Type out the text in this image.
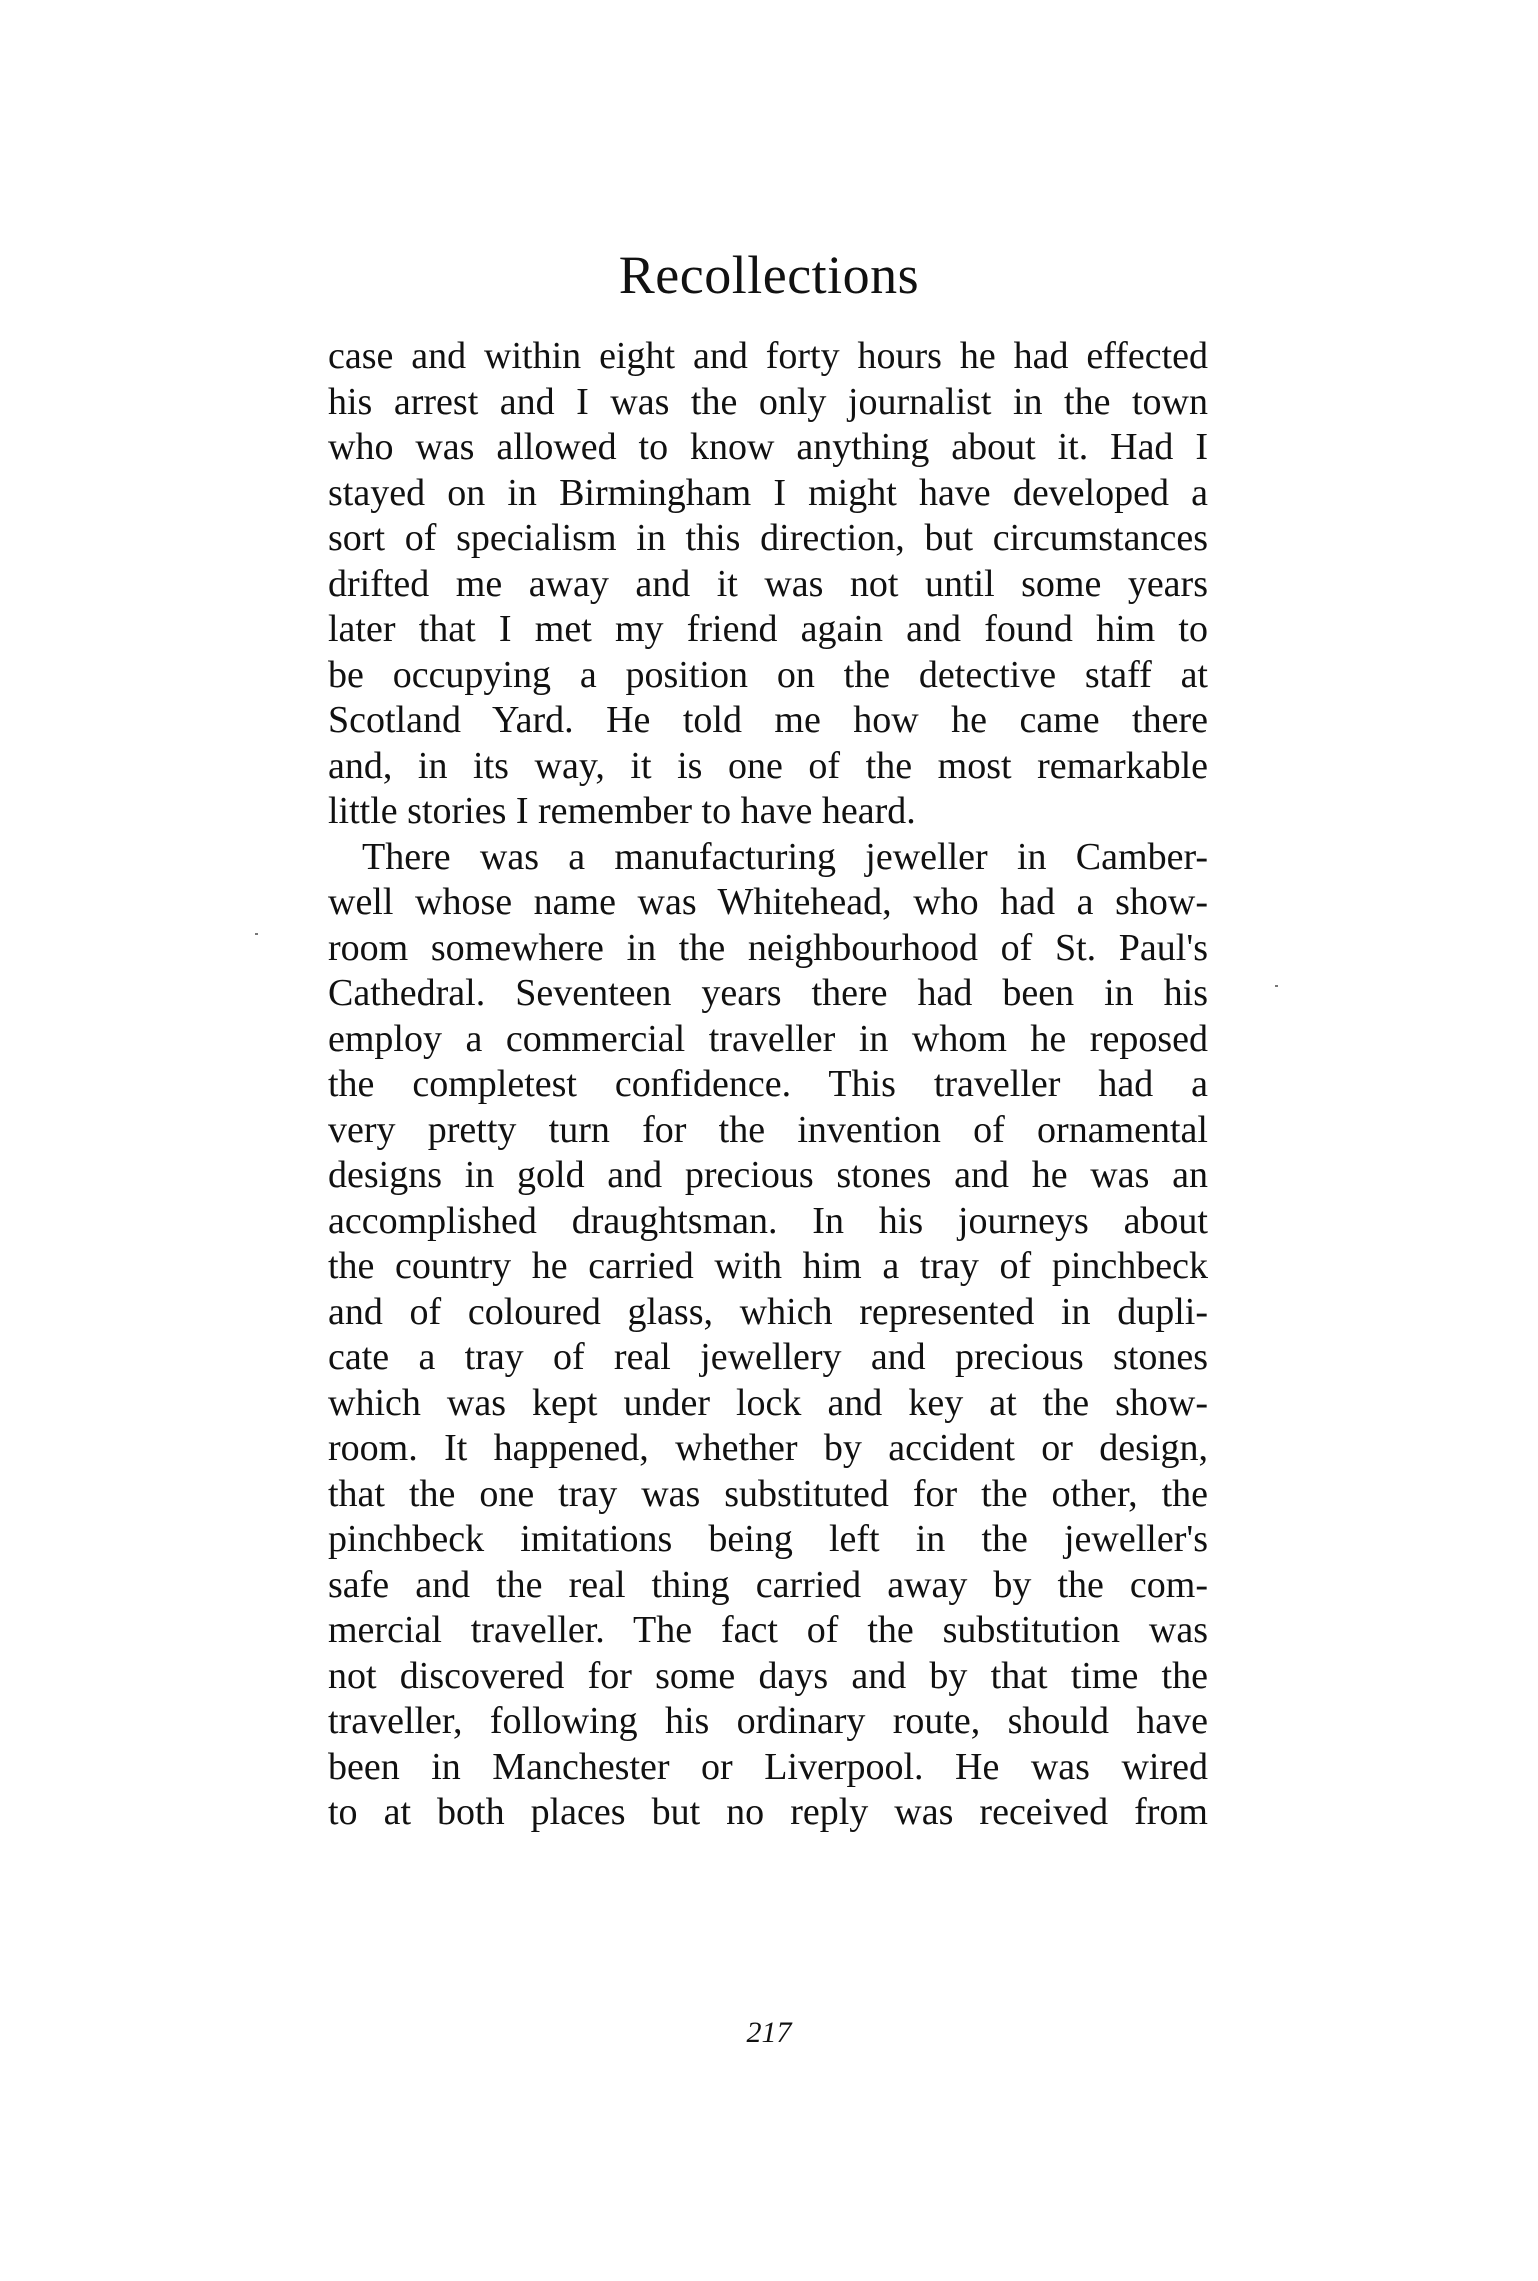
Recollections
case and within eight and forty hours he had effected
his arrest and I was the only journalist in the town
who was allowed to know anything about it. Had I
stayed on in Birmingham I might have developed a
sort of specialism in this direction, but circumstances
drifted me away and it was not until some years
later that I met my friend again and found him to
be occupying a position on the detective staff at
Scotland Yard. He told me how he came there
and, in its way, it is one of the most remarkable
little stories I remember to have heard.
There was a manufacturing jeweller in Camber-
well whose name was Whitehead, who had a show-
room somewhere in the neighbourhood of St. Paul's
Cathedral. Seventeen years there had been in his
employ a commercial traveller in whom he reposed
the completest confidence. This traveller had a
very pretty turn for the invention of ornamental
designs in gold and precious stones and he was an
accomplished draughtsman. In his journeys about
the country he carried with him a tray of pinchbeck
and of coloured glass, which represented in dupli-
cate a tray of real jewellery and precious stones
which was kept under lock and key at the show-
room. It happened, whether by accident or design,
that the one tray was substituted for the other, the
pinchbeck imitations being left in the jeweller's
safe and the real thing carried away by the com-
mercial traveller. The fact of the substitution was
not discovered for some days and by that time the
traveller, following his ordinary route, should have
been in Manchester or Liverpool. He was wired
to at both places but no reply was received from
217
